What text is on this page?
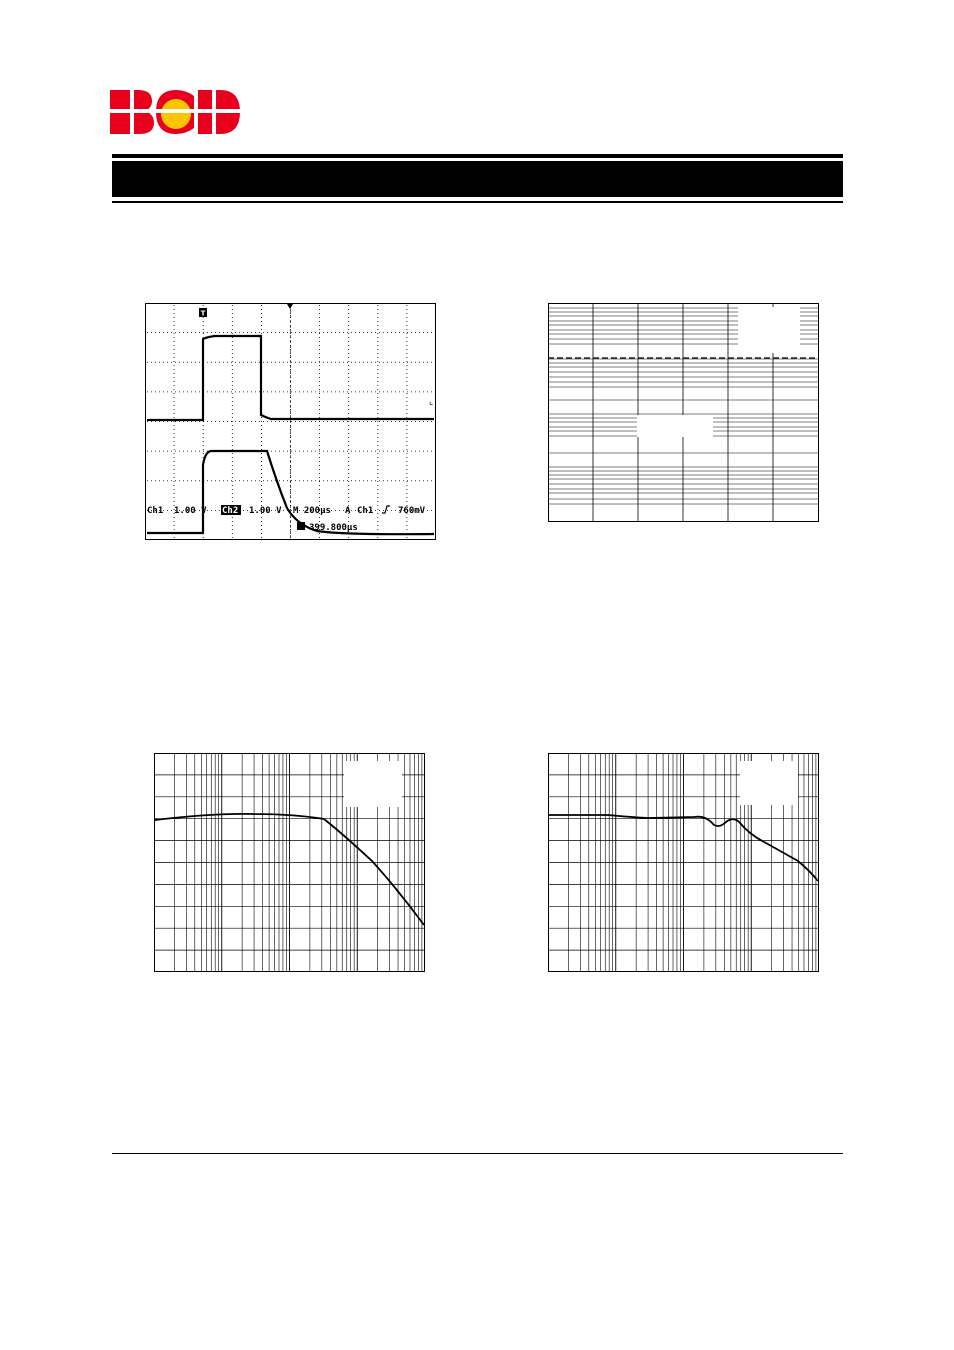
T
⌞
Ch1 1.00 V Ch2 1.00 V M 200µs A Ch1	760mV
399.800µs
